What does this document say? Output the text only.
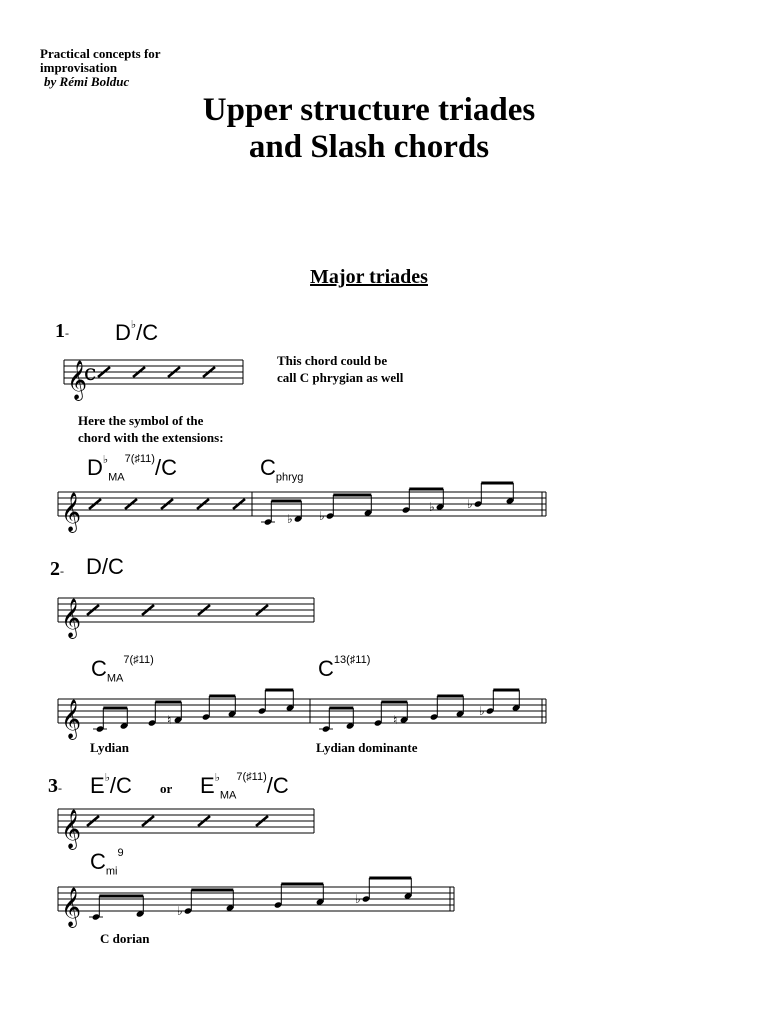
Practical concepts for
improvisation
by Rémi Bolduc
Upper structure triades
and Slash chords
Major triades
1- D♭/C
𝄞
c
𝄞	♭ ♭
♭	♭
𝄞
𝄞	♮	♮
♭
𝄞
𝄞	♭
♭
This chord could be
call C phrygian as well
Here the symbol of the
chord with the extensions:
$D^♭_{MA}^{7(♯11)}/C$	$C_{phryg}$
2- D/C
$C_{MA}^{7(♯11)}$	$C^{13(♯11)}$
Lydian	Lydian dominante
3- E♭/C or $E^♭_{MA}^{7(♯11)}/C$
$C_{mi}^9$
C dorian
